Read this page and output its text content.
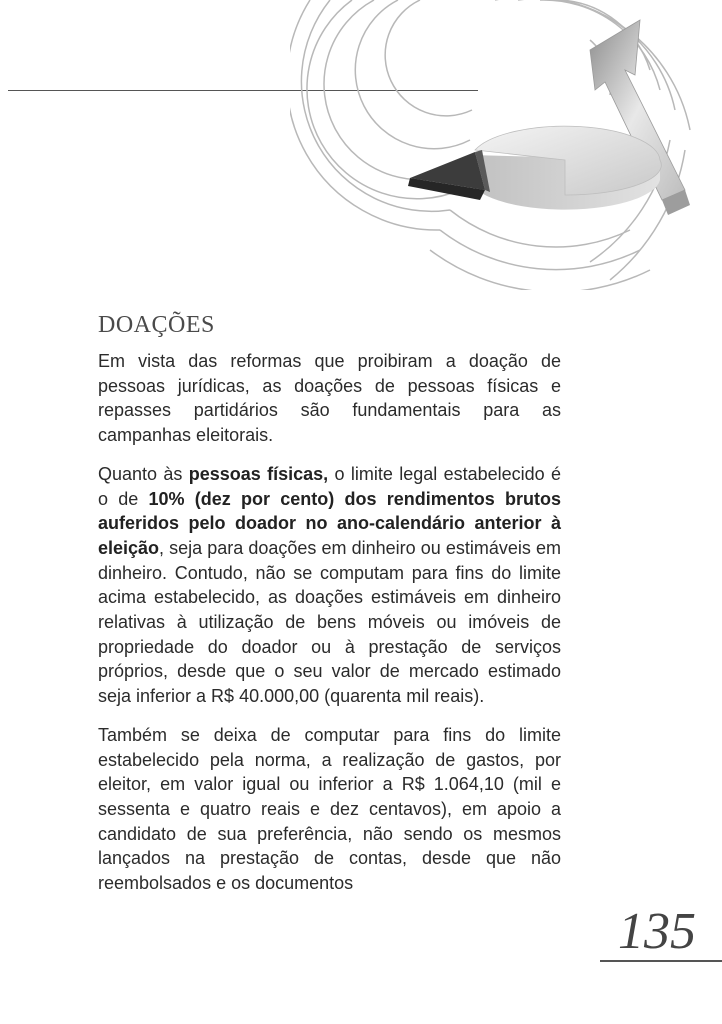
DOAÇÕES

Em vista das reformas que proibiram a doação de pessoas jurídicas, as doações de pessoas físicas e repasses partidários são fundamentais para as campanhas eleitorais.

Quanto às pessoas físicas, o limite legal estabelecido é o de 10% (dez por cento) dos rendimentos brutos auferidos pelo doador no ano-calendário anterior à eleição, seja para doações em dinheiro ou estimáveis em dinheiro. Contudo, não se computam para fins do limite acima estabelecido, as doações estimáveis em dinheiro relativas à utilização de bens móveis ou imóveis de propriedade do doador ou à prestação de serviços próprios, desde que o seu valor de mercado estimado seja inferior a R$ 40.000,00 (quarenta mil reais).

Também se deixa de computar para fins do limite estabelecido pela norma, a realização de gastos, por eleitor, em valor igual ou inferior a R$ 1.064,10 (mil e sessenta e quatro reais e dez centavos), em apoio a candidato de sua preferência, não sendo os mesmos lançados na prestação de contas, desde que não reembolsados e os documentos

135
